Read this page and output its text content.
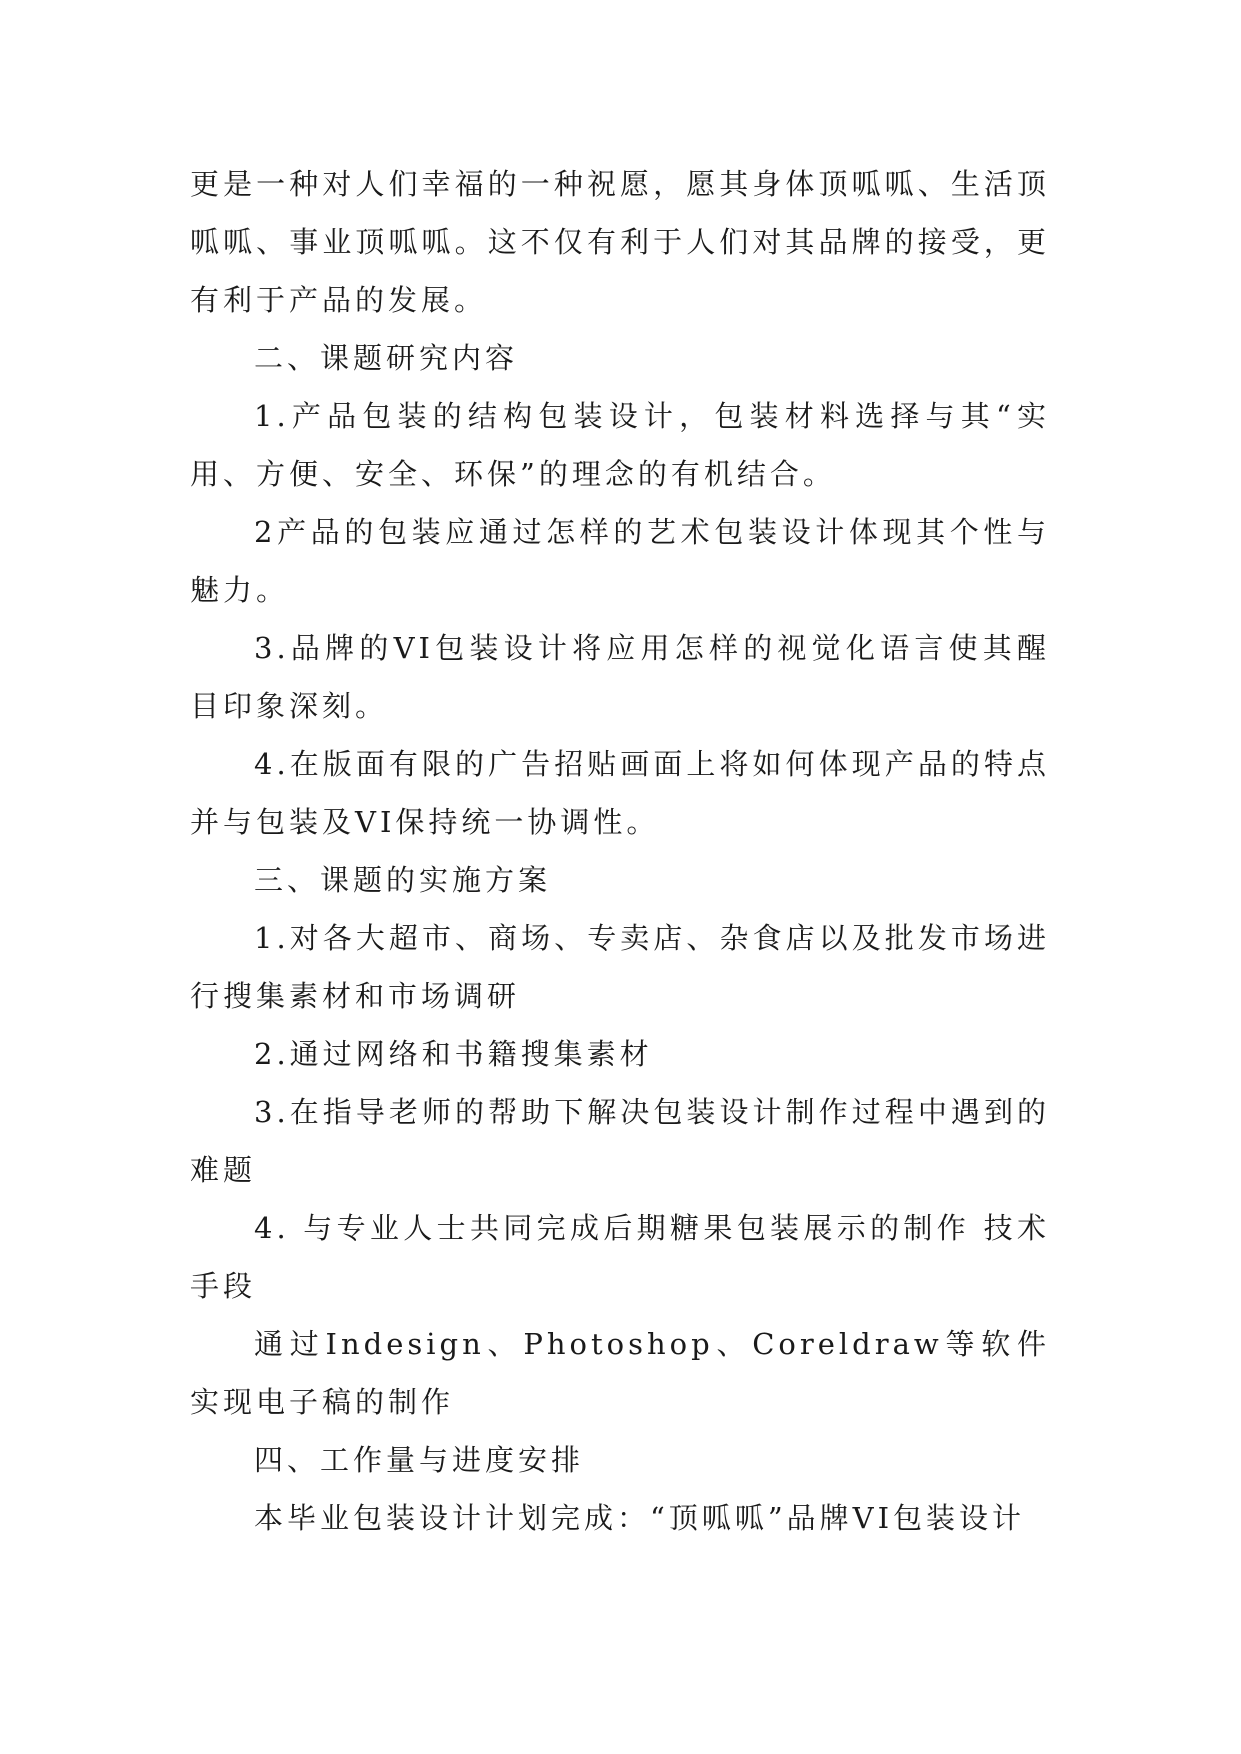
更是一种对人们幸福的一种祝愿，愿其身体顶呱呱、生活顶呱呱、事业顶呱呱。这不仅有利于人们对其品牌的接受，更有利于产品的发展。

二、课题研究内容

1.产品包装的结构包装设计，包装材料选择与其“实用、方便、安全、环保”的理念的有机结合。

2产品的包装应通过怎样的艺术包装设计体现其个性与魅力。

3.品牌的VI包装设计将应用怎样的视觉化语言使其醒目印象深刻。

4.在版面有限的广告招贴画面上将如何体现产品的特点并与包装及VI保持统一协调性。

三、课题的实施方案

1.对各大超市、商场、专卖店、杂食店以及批发市场进行搜集素材和市场调研

2.通过网络和书籍搜集素材

3.在指导老师的帮助下解决包装设计制作过程中遇到的难题

4. 与专业人士共同完成后期糖果包装展示的制作 技术手段

通过Indesign、Photoshop、Coreldraw等软件实现电子稿的制作

四、工作量与进度安排

本毕业包装设计计划完成：“顶呱呱”品牌VI包装设计
